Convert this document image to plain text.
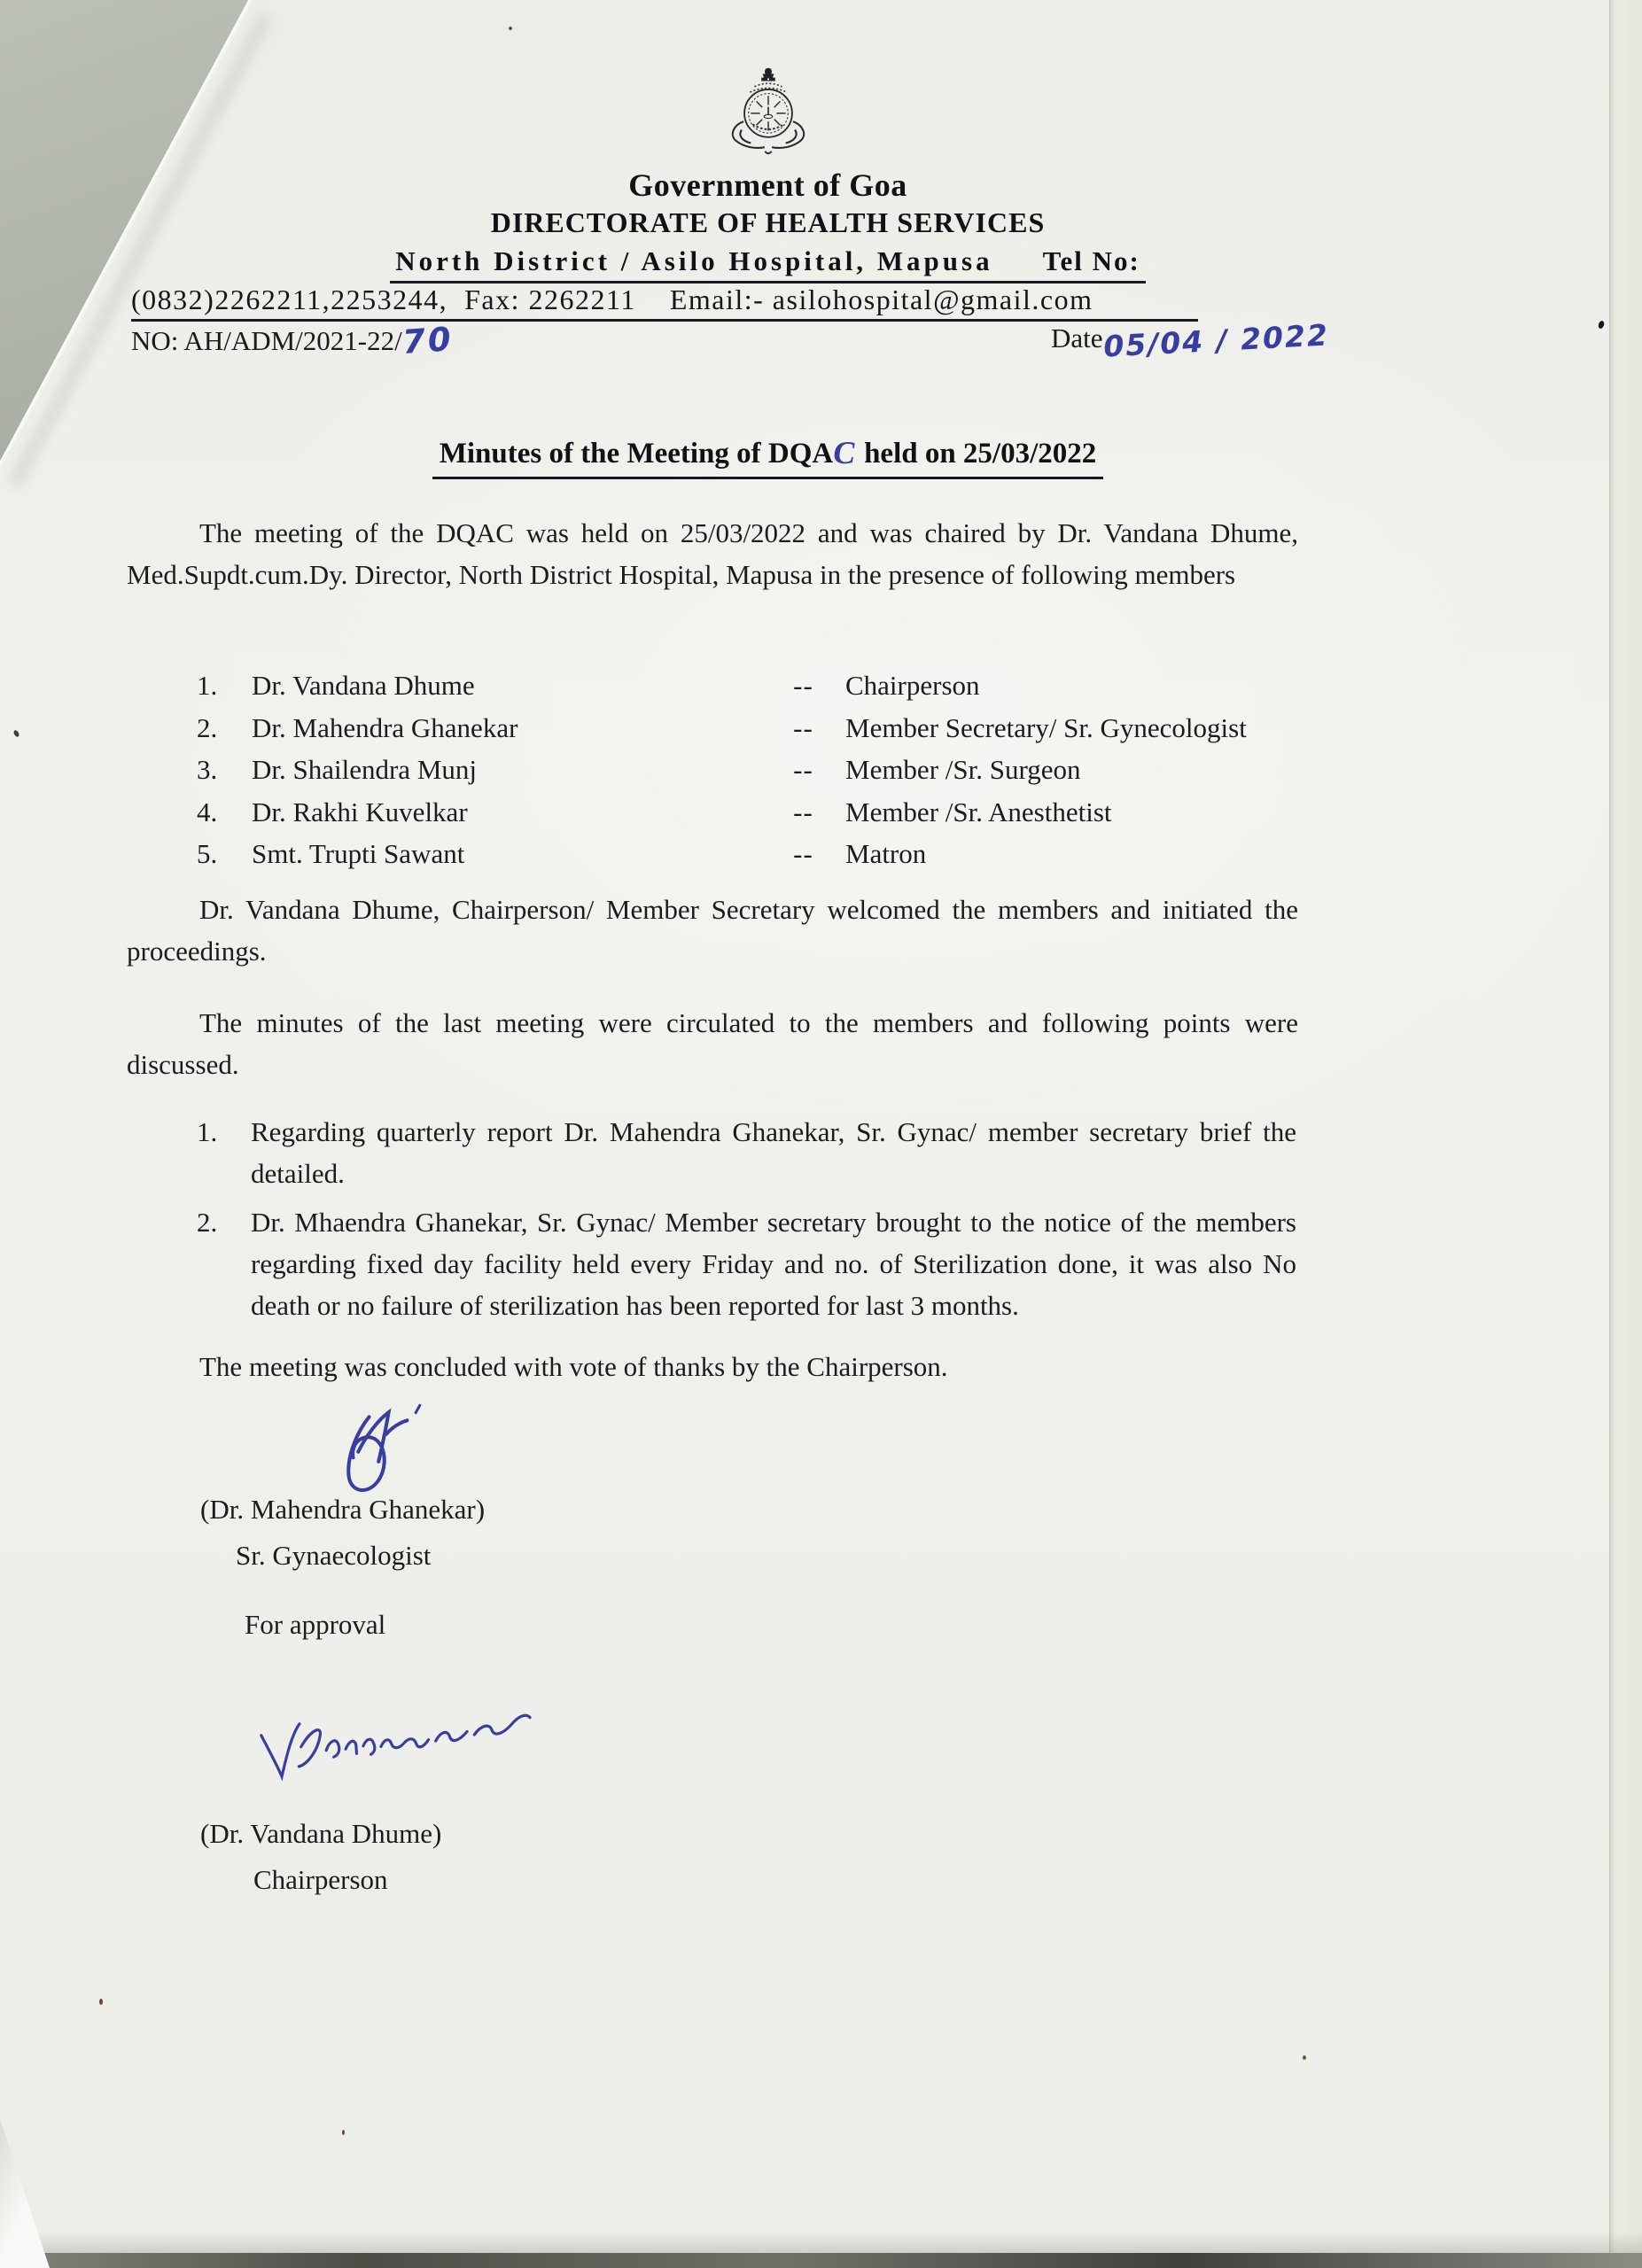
Government of Goa
DIRECTORATE OF HEALTH SERVICES
North District / Asilo Hospital, Mapusa Tel No:
(0832)2262211,2253244,  Fax: 2262211    Email:- asilohospital@gmail.com
NO: AH/ADM/2021-22/70	Date05/04 / 2022
Minutes of the Meeting of DQAC held on 25/03/2022

The meeting of the DQAC was held on 25/03/2022 and was chaired by Dr. Vandana Dhume, Med.Supdt.cum.Dy. Director, North District Hospital, Mapusa in the presence of following members

1.	Dr. Vandana Dhume	--	Chairperson
2.	Dr. Mahendra Ghanekar	--	Member Secretary/ Sr. Gynecologist
3.	Dr. Shailendra Munj	--	Member /Sr. Surgeon
4.	Dr. Rakhi Kuvelkar	--	Member /Sr. Anesthetist
5.	Smt. Trupti Sawant	--	Matron

Dr. Vandana Dhume, Chairperson/ Member Secretary welcomed the members and initiated the proceedings.

The minutes of the last meeting were circulated to the members and following points were discussed.

1.	Regarding quarterly report Dr. Mahendra Ghanekar, Sr. Gynac/ member secretary brief the detailed.
2.	Dr. Mhaendra Ghanekar, Sr. Gynac/ Member secretary brought to the notice of the members regarding fixed day facility held every Friday and no. of Sterilization done, it was also No death or no failure of sterilization has been reported for last 3 months.

The meeting was concluded with vote of thanks by the Chairperson.

(Dr. Mahendra Ghanekar)
Sr. Gynaecologist
For approval
(Dr. Vandana Dhume)
Chairperson
